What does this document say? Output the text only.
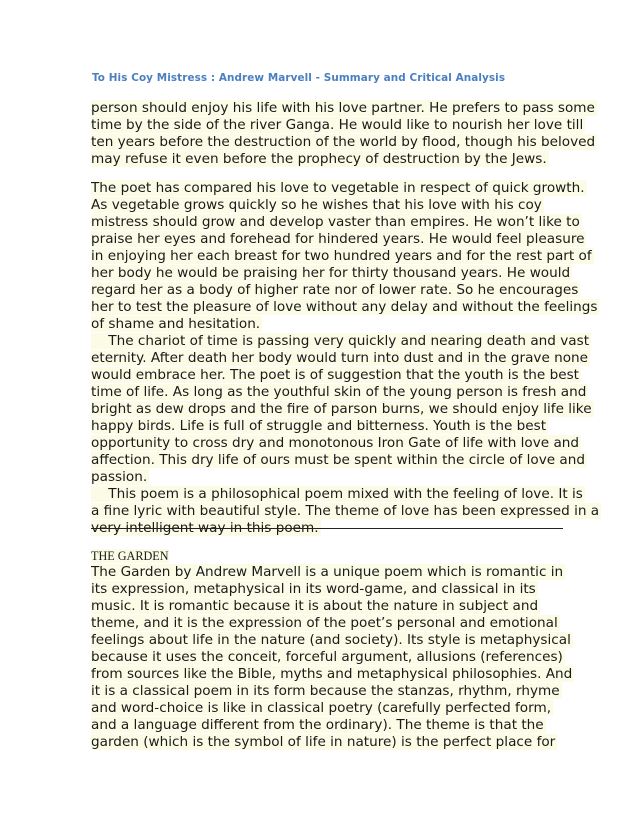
To His Coy Mistress : Andrew Marvell - Summary and Critical Analysis
person should enjoy his life with his love partner. He prefers to pass some
time by the side of the river Ganga. He would like to nourish her love till
ten years before the destruction of the world by flood, though his beloved
may refuse it even before the prophecy of destruction by the Jews.
The poet has compared his love to vegetable in respect of quick growth.
As vegetable grows quickly so he wishes that his love with his coy
mistress should grow and develop vaster than empires. He won’t like to
praise her eyes and forehead for hindered years. He would feel pleasure
in enjoying her each breast for two hundred years and for the rest part of
her body he would be praising her for thirty thousand years. He would
regard her as a body of higher rate nor of lower rate. So he encourages
her to test the pleasure of love without any delay and without the feelings
of shame and hesitation.
The chariot of time is passing very quickly and nearing death and vast
eternity. After death her body would turn into dust and in the grave none
would embrace her. The poet is of suggestion that the youth is the best
time of life. As long as the youthful skin of the young person is fresh and
bright as dew drops and the fire of parson burns, we should enjoy life like
happy birds. Life is full of struggle and bitterness. Youth is the best
opportunity to cross dry and monotonous Iron Gate of life with love and
affection. This dry life of ours must be spent within the circle of love and
passion.
This poem is a philosophical poem mixed with the feeling of love. It is
a fine lyric with beautiful style. The theme of love has been expressed in a
very intelligent way in this poem.
THE GARDEN
The Garden by Andrew Marvell is a unique poem which is romantic in
its expression, metaphysical in its word-game, and classical in its
music. It is romantic because it is about the nature in subject and
theme, and it is the expression of the poet’s personal and emotional
feelings about life in the nature (and society). Its style is metaphysical
because it uses the conceit, forceful argument, allusions (references)
from sources like the Bible, myths and metaphysical philosophies. And
it is a classical poem in its form because the stanzas, rhythm, rhyme
and word-choice is like in classical poetry (carefully perfected form,
and a language different from the ordinary). The theme is that the
garden (which is the symbol of life in nature) is the perfect place for
